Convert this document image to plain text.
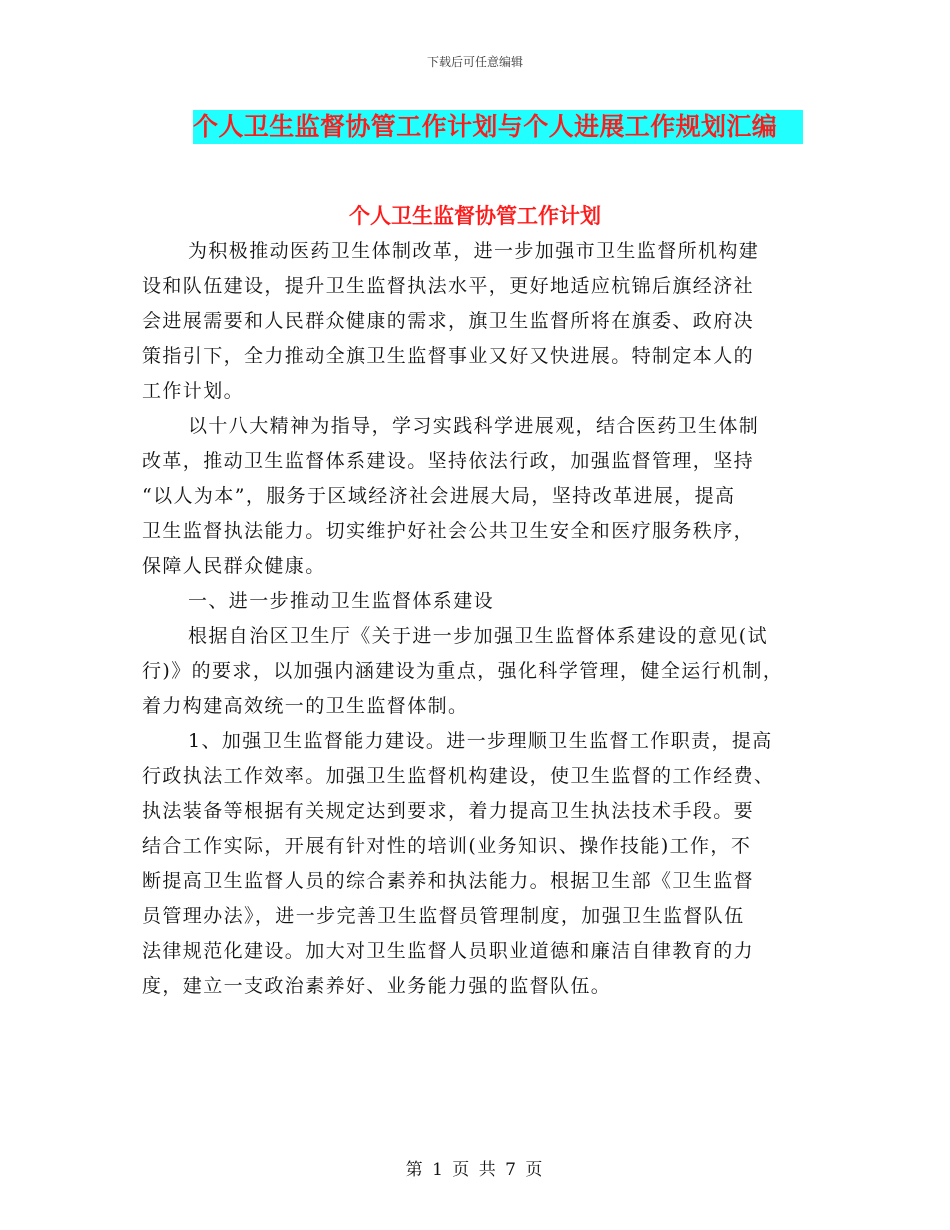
下载后可任意编辑
个人卫生监督协管工作计划与个人进展工作规划汇编
个人卫生监督协管工作计划
为积极推动医药卫生体制改革，进一步加强市卫生监督所机构建
设和队伍建设，提升卫生监督执法水平，更好地适应杭锦后旗经济社
会进展需要和人民群众健康的需求，旗卫生监督所将在旗委、政府决
策指引下，全力推动全旗卫生监督事业又好又快进展。特制定本人的
工作计划。
以十八大精神为指导，学习实践科学进展观，结合医药卫生体制
改革，推动卫生监督体系建设。坚持依法行政，加强监督管理，坚持
“以人为本”，服务于区域经济社会进展大局，坚持改革进展，提高
卫生监督执法能力。切实维护好社会公共卫生安全和医疗服务秩序，
保障人民群众健康。
一、进一步推动卫生监督体系建设
根据自治区卫生厅《关于进一步加强卫生监督体系建设的意见(试
行)》的要求，以加强内涵建设为重点，强化科学管理，健全运行机制，
着力构建高效统一的卫生监督体制。
1、加强卫生监督能力建设。进一步理顺卫生监督工作职责，提高
行政执法工作效率。加强卫生监督机构建设，使卫生监督的工作经费、
执法装备等根据有关规定达到要求，着力提高卫生执法技术手段。要
结合工作实际，开展有针对性的培训(业务知识、操作技能)工作，不
断提高卫生监督人员的综合素养和执法能力。根据卫生部《卫生监督
员管理办法》，进一步完善卫生监督员管理制度，加强卫生监督队伍
法律规范化建设。加大对卫生监督人员职业道德和廉洁自律教育的力
度，建立一支政治素养好、业务能力强的监督队伍。
第 1 页 共 7 页
